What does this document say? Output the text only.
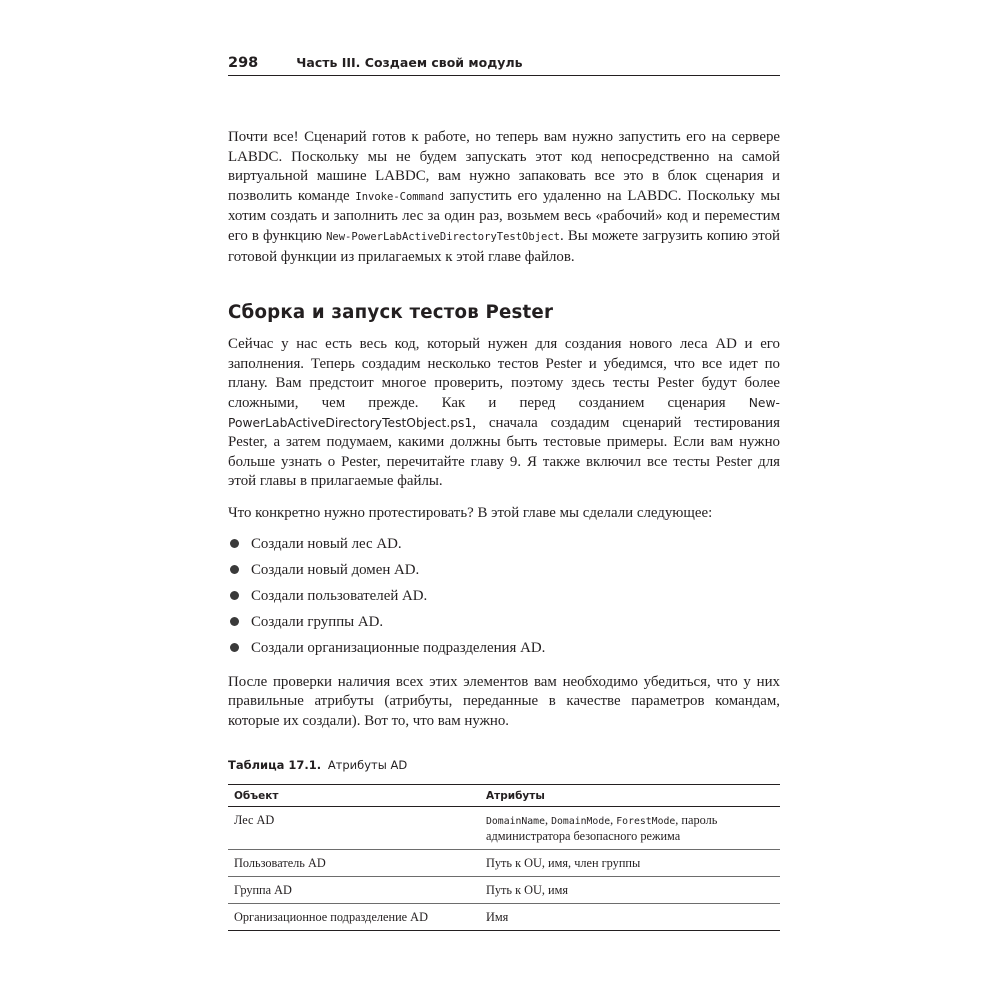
298	Часть III. Создаем свой модуль

Почти все! Сценарий готов к работе, но теперь вам нужно запустить его на сервере LABDC. Поскольку мы не будем запускать этот код непосредственно на самой виртуальной машине LABDC, вам нужно запаковать все это в блок сценария и позволить команде Invoke-Command запустить его удаленно на LABDC. Поскольку мы хотим создать и заполнить лес за один раз, возьмем весь «рабочий» код и переместим его в функцию New-PowerLabActiveDirectoryTestObject. Вы можете загрузить копию этой готовой функции из прилагаемых к этой главе файлов.

Сборка и запуск тестов Pester

Сейчас у нас есть весь код, который нужен для создания нового леса AD и его заполнения. Теперь создадим несколько тестов Pester и убедимся, что все идет по плану. Вам предстоит многое проверить, поэтому здесь тесты Pester будут более сложными, чем прежде. Как и перед созданием сценария New-PowerLabActiveDirectoryTestObject.ps1, сначала создадим сценарий тестирования Pester, а затем подумаем, какими должны быть тестовые примеры. Если вам нужно больше узнать о Pester, перечитайте главу 9. Я также включил все тесты Pester для этой главы в прилагаемые файлы.

Что конкретно нужно протестировать? В этой главе мы сделали следующее:

Создали новый лес AD.
Создали новый домен AD.
Создали пользователей AD.
Создали группы AD.
Создали организационные подразделения AD.

После проверки наличия всех этих элементов вам необходимо убедиться, что у них правильные атрибуты (атрибуты, переданные в качестве параметров командам, которые их создали). Вот то, что вам нужно.

Таблица 17.1. Атрибуты AD
Объект	Атрибуты
Лес AD	DomainName, DomainMode, ForestMode, пароль администратора безопасного режима
Пользователь AD	Путь к OU, имя, член группы
Группа AD	Путь к OU, имя
Организационное подразделение AD	Имя
